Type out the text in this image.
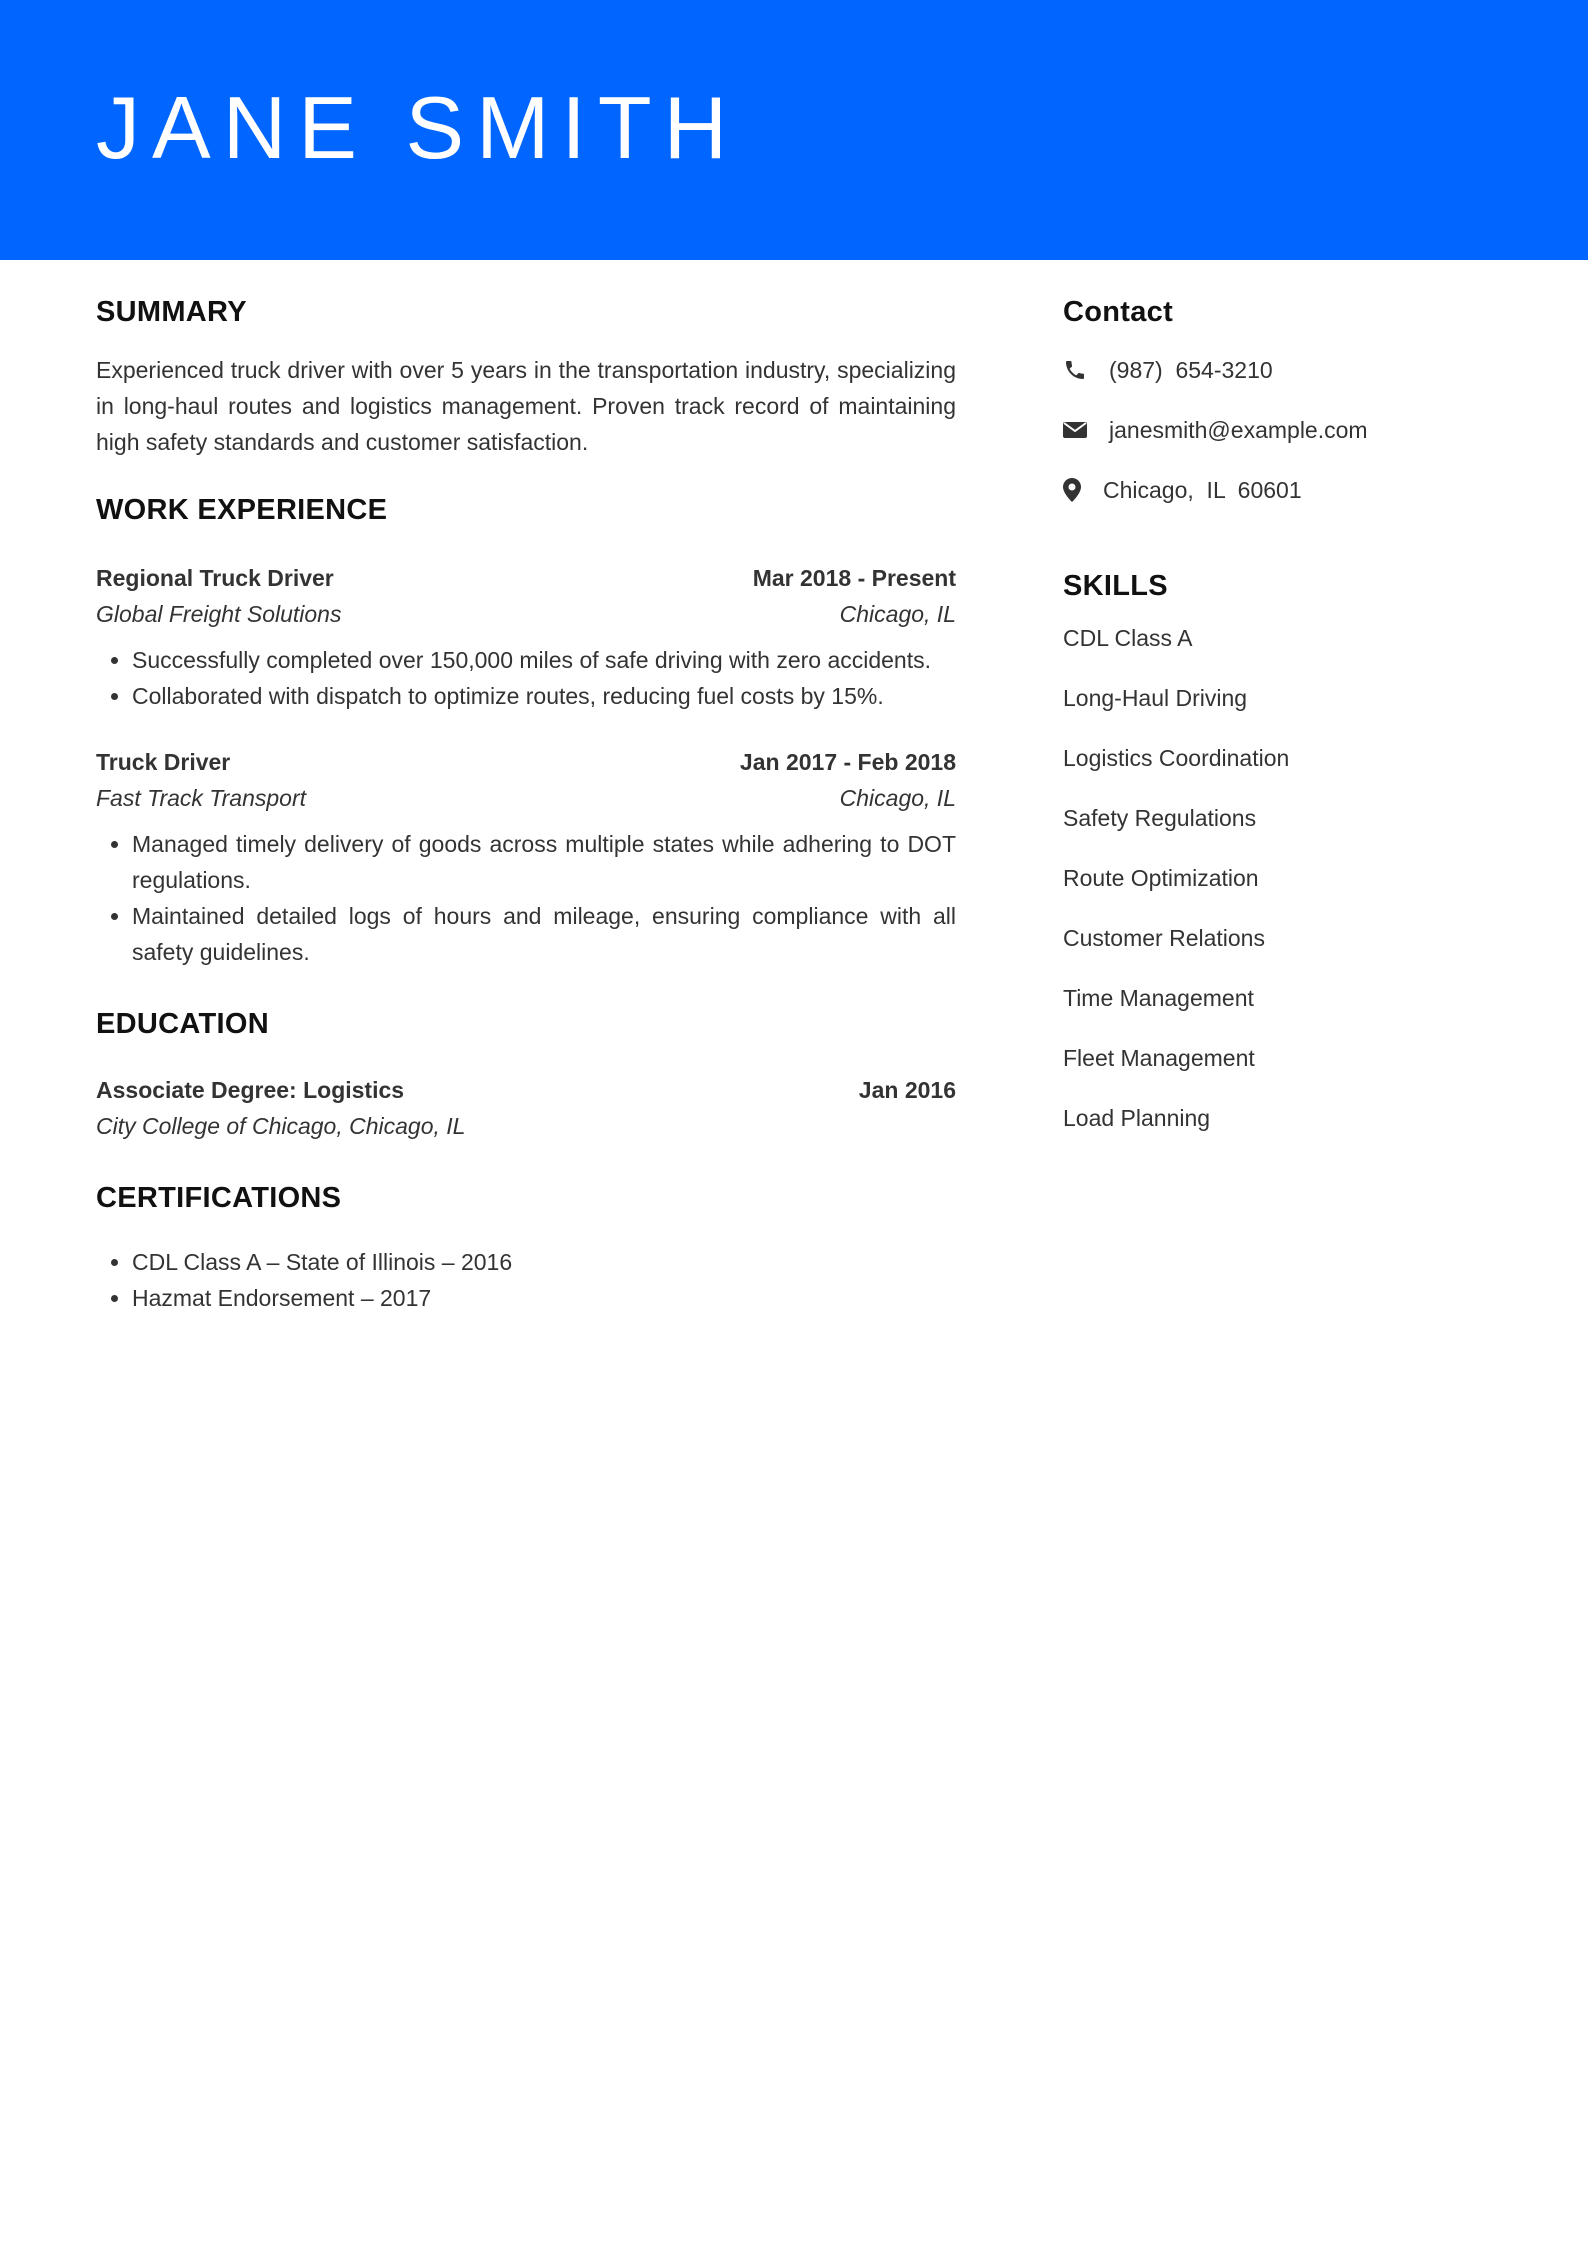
JANE SMITH
SUMMARY

Experienced truck driver with over 5 years in the transportation industry, specializing in long-haul routes and logistics management. Proven track record of maintaining high safety standards and customer satisfaction.

WORK EXPERIENCE
Regional Truck Driver	Mar 2018 - Present
Global Freight Solutions	Chicago, IL
• Successfully completed over 150,000 miles of safe driving with zero accidents.
• Collaborated with dispatch to optimize routes, reducing fuel costs by 15%.
Truck Driver	Jan 2017 - Feb 2018
Fast Track Transport	Chicago, IL
• Managed timely delivery of goods across multiple states while adhering to DOT regulations.
• Maintained detailed logs of hours and mileage, ensuring compliance with all safety guidelines.
EDUCATION
Associate Degree: Logistics	Jan 2016
City College of Chicago, Chicago, IL
CERTIFICATIONS
• CDL Class A – State of Illinois – 2016
• Hazmat Endorsement – 2017
Contact
(987)  654-3210
janesmith@example.com
Chicago,  IL  60601
SKILLS
CDL Class A
Long-Haul Driving
Logistics Coordination
Safety Regulations
Route Optimization
Customer Relations
Time Management
Fleet Management
Load Planning
